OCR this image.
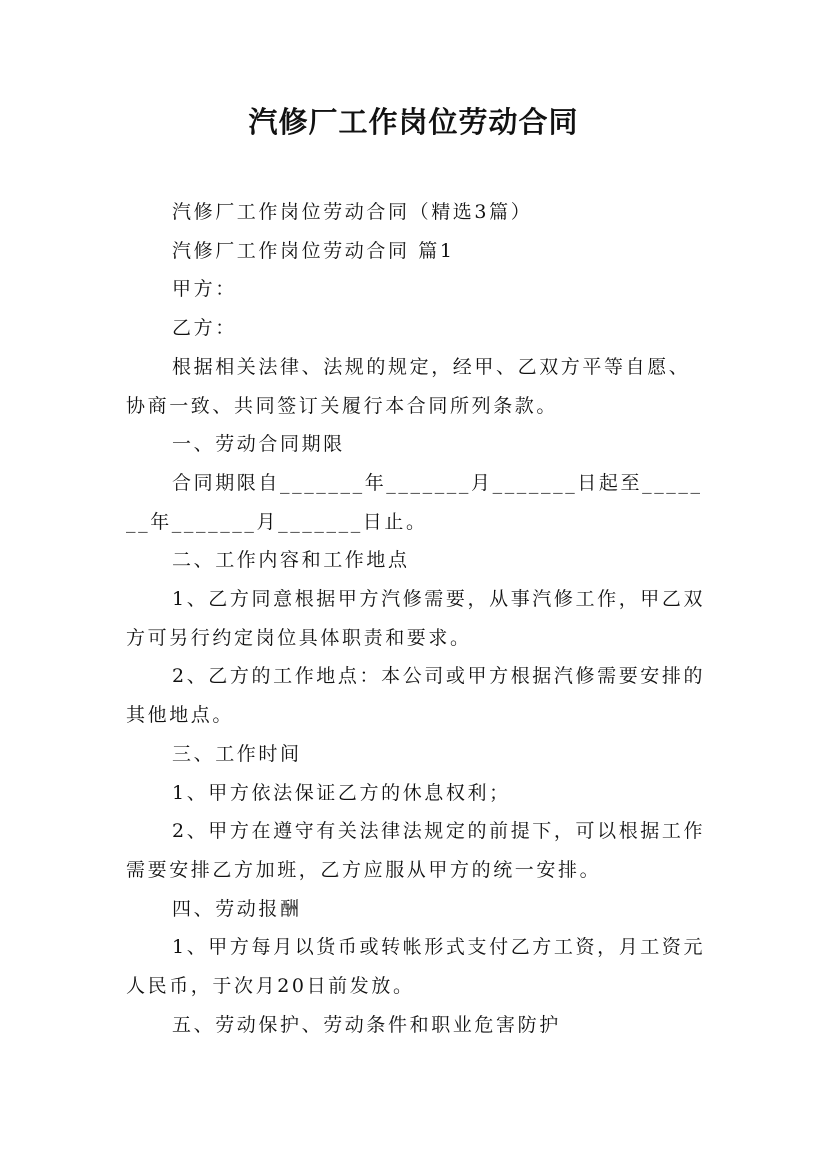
汽修厂工作岗位劳动合同

汽修厂工作岗位劳动合同（精选3篇）

汽修厂工作岗位劳动合同 篇1

甲方：

乙方：

根据相关法律、法规的规定，经甲、乙双方平等自愿、协商一致、共同签订关履行本合同所列条款。

一、劳动合同期限

合同期限自_______年_______月_______日起至_______年_______月_______日止。

二、工作内容和工作地点

1、乙方同意根据甲方汽修需要，从事汽修工作，甲乙双方可另行约定岗位具体职责和要求。

2、乙方的工作地点：本公司或甲方根据汽修需要安排的其他地点。

三、工作时间

1、甲方依法保证乙方的休息权利；

2、甲方在遵守有关法律法规定的前提下，可以根据工作需要安排乙方加班，乙方应服从甲方的统一安排。

四、劳动报酬

1、甲方每月以货币或转帐形式支付乙方工资，月工资元人民币，于次月20日前发放。

五、劳动保护、劳动条件和职业危害防护
